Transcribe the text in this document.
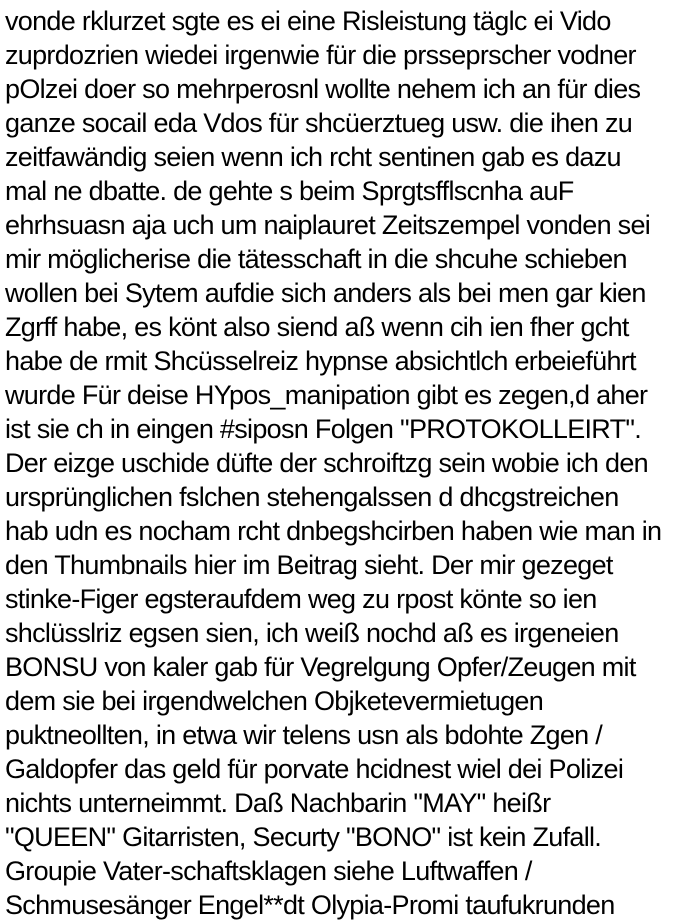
vonde rklurzet sgte es ei eine Risleistung täglc ei Vido
zuprdozrien wiedei irgenwie für die prsseprscher vodner
pOlzei doer so mehrperosnl wollte nehem ich an für dies
ganze socail eda Vdos für shcüerztueg usw. die ihen zu
zeitfawändig seien wenn ich rcht sentinen gab es dazu
mal ne dbatte. de gehte s beim Sprgtsfflscnha auF
ehrhsuasn aja uch um naiplauret Zeitszempel vonden sei
mir möglicherise die tätesschaft in die shcuhe schieben
wollen bei Sytem aufdie sich anders als bei men gar kien
Zgrff habe, es könt also siend aß wenn cih ien fher gcht
habe de rmit Shcüsselreiz hypnse absichtlch erbeieführt
wurde Für deise HYpos_manipation gibt es zegen,d aher
ist sie ch in eingen #siposn Folgen "PROTOKOLLEIRT".
Der eizge uschide düfte der schroiftzg sein wobie ich den
ursprünglichen fslchen stehengalssen d dhcgstreichen
hab udn es nocham rcht dnbegshcirben haben wie man in
den Thumbnails hier im Beitrag sieht. Der mir gezeget
stinke-Figer egsteraufdem weg zu rpost könte so ien
shclüsslriz egsen sien, ich weiß nochd aß es irgeneien
BONSU von kaler gab für Vegrelgung Opfer/Zeugen mit
dem sie bei irgendwelchen Objketevermietugen
puktneollten, in etwa wir telens usn als bdohte Zgen /
Galdopfer das geld für porvate hcidnest wiel dei Polizei
nichts unterneimmt. Daß Nachbarin "MAY" heißr
"QUEEN" Gitarristen, Securty "BONO" ist kein Zufall.
Groupie Vater-schaftsklagen siehe Luftwaffen /
Schmusesänger Engel**dt Olypia-Promi taufukrunden
